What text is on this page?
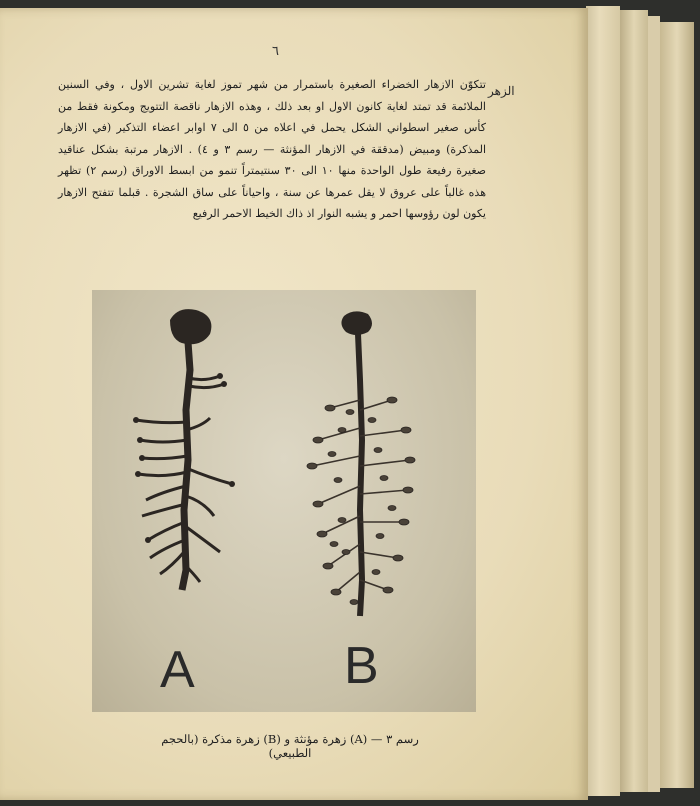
٦
الزهر

تتكوّن الازهار الخضراء الصغيرة باستمرار من شهر تموز لغاية تشرين الاول ، وفي السنين الملائمة قد تمتد لغاية كانون الاول او بعد ذلك ، وهذه الازهار ناقصة التتويج ومكونة فقط من كأس صغير اسطواني الشكل يحمل في اعلاه من ٥ الى ٧ اوابر اعضاء التذكير (في الازهار المذكرة) ومبيض (مدققة في الازهار المؤنثة — رسم ٣ و ٤) . الازهار مرتبة بشكل عناقيد صغيرة رفيعة طول الواحدة منها ١٠ الى ٣٠ سنتيمتراً تنمو من ابسط الاوراق (رسم ٢) تظهر هذه غالباً على عروق لا يقل عمرها عن سنة ، واحياناً على ساق الشجرة . قبلما تتفتح الازهار يكون لون رؤوسها احمر و يشبه النوار اذ ذاك الخيط الاحمر الرفيع

A	B
رسم ٣ — (A) زهرة مؤنثة و (B) زهرة مذكرة (بالحجم الطبيعي)
